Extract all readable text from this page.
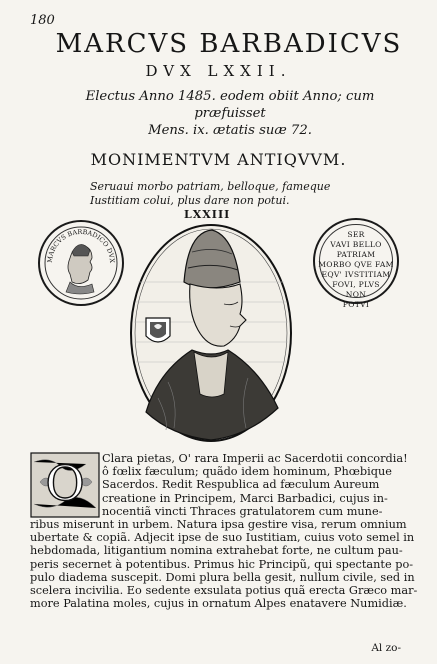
180
MARCVS BARBADICVS
DVX LXXII.
Electus Anno 1485. eodem obiit Anno; cum præfuisset
Mens. ix. ætatis suæ 72.
MONIMENTVM ANTIQVVM.
Seruaui morbo patriam, belloque, fameque
Iustitiam colui, plus dare non potui.
LXXIII
MARCVS BARBADICO DVX
SER
VAVI BELLO
PATRIAM
MORBO QVE FAM
EQV' IVSTITIAM
FOVI, PLVS
NON
POTVI
O	Clara pietas, O' rara Imperii ac Sacerdotii concordia!
ô fœlix fæculum; quãdo idem hominum, Phœbique
Sacerdos. Redit Respublica ad fæculum Aureum
creatione in Principem, Marci Barbadici, cujus in-
nocentiã vincti Thraces gratulatorem cum mune-
ribus miserunt in urbem. Natura ipsa gestire visa, rerum omnium
ubertate & copiã. Adjecit ipse de suo Iustitiam, cuius voto semel in
hebdomada, litigantium nomina extrahebat forte, ne cultum pau-
peris secernet à potentibus. Primus hic Principũ, qui spectante po-
pulo diadema suscepit. Domi plura bella gesit, nullum civile, sed in
scelera incivilia. Eo sedente exsulata potius quã erecta Græco mar-
more Palatina moles, cujus in ornatum Alpes enatavere Numidiæ.
Al zo-
